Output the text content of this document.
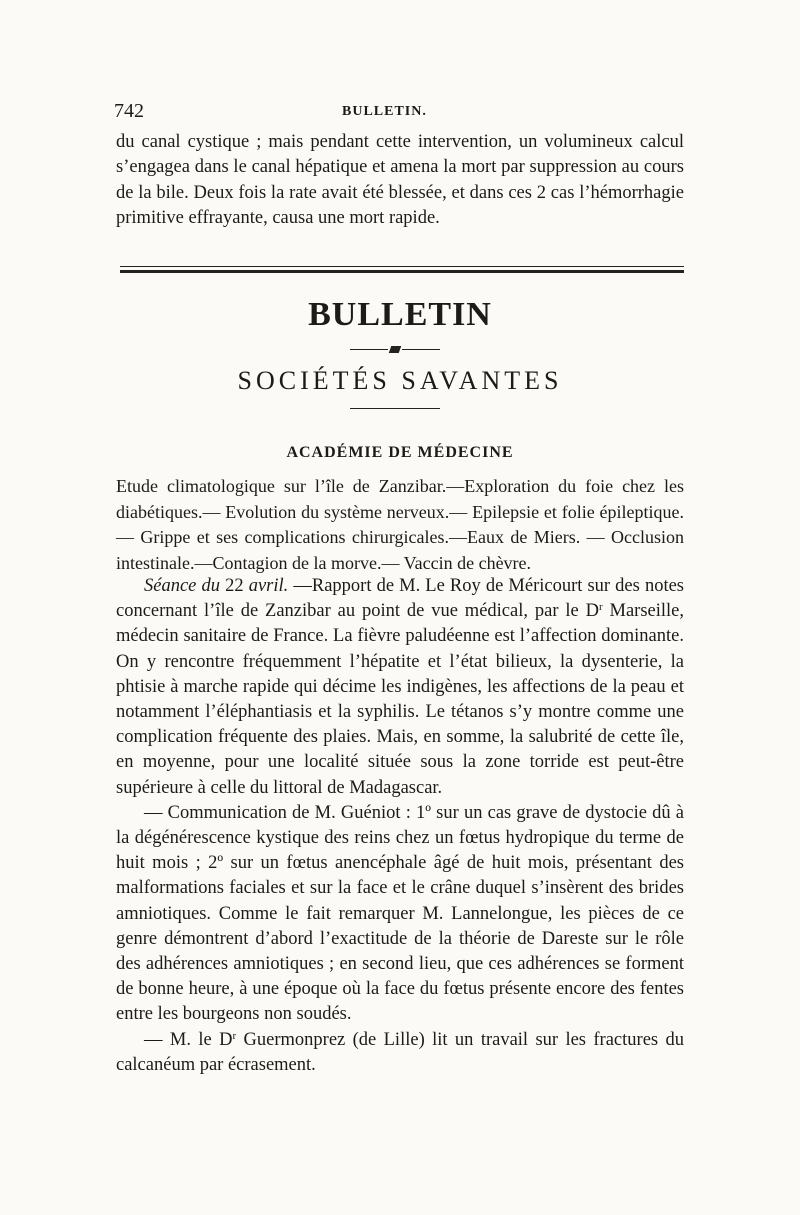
742	BULLETIN.

du canal cystique ; mais pendant cette intervention, un volumineux calcul s’engagea dans le canal hépatique et amena la mort par suppression au cours de la bile. Deux fois la rate avait été blessée, et dans ces 2 cas l’hémorrhagie primitive effrayante, causa une mort rapide.

BULLETIN
SOCIÉTÉS SAVANTES
ACADÉMIE DE MÉDECINE

Etude climatologique sur l’île de Zanzibar.—Exploration du foie chez les diabétiques.— Evolution du système nerveux.— Epilepsie et folie épileptique.— Grippe et ses complications chirurgicales.—Eaux de Miers. — Occlusion intestinale.—Contagion de la morve.— Vaccin de chèvre.

Séance du 22 avril. —Rapport de M. Le Roy de Méricourt sur des notes concernant l’île de Zanzibar au point de vue médical, par le $D^r$ Marseille, médecin sanitaire de France. La fièvre paludéenne est l’affection dominante. On y rencontre fréquemment l’hépatite et l’état bilieux, la dysenterie, la phtisie à marche rapide qui décime les indigènes, les affections de la peau et notamment l’éléphantiasis et la syphilis. Le tétanos s’y montre comme une complication fréquente des plaies. Mais, en somme, la salubrité de cette île, en moyenne, pour une localité située sous la zone torride est peut-être supérieure à celle du littoral de Madagascar.

— Communication de M. Guéniot : 1º sur un cas grave de dystocie dû à la dégénérescence kystique des reins chez un fœtus hydropique du terme de huit mois ; 2º sur un fœtus anencéphale âgé de huit mois, présentant des malformations faciales et sur la face et le crâne duquel s’insèrent des brides amniotiques. Comme le fait remarquer M. Lannelongue, les pièces de ce genre démontrent d’abord l’exactitude de la théorie de Dareste sur le rôle des adhérences amniotiques ; en second lieu, que ces adhérences se forment de bonne heure, à une époque où la face du fœtus présente encore des fentes entre les bourgeons non soudés.

— M. le $D^r$ Guermonprez (de Lille) lit un travail sur les fractures du calcanéum par écrasement.
